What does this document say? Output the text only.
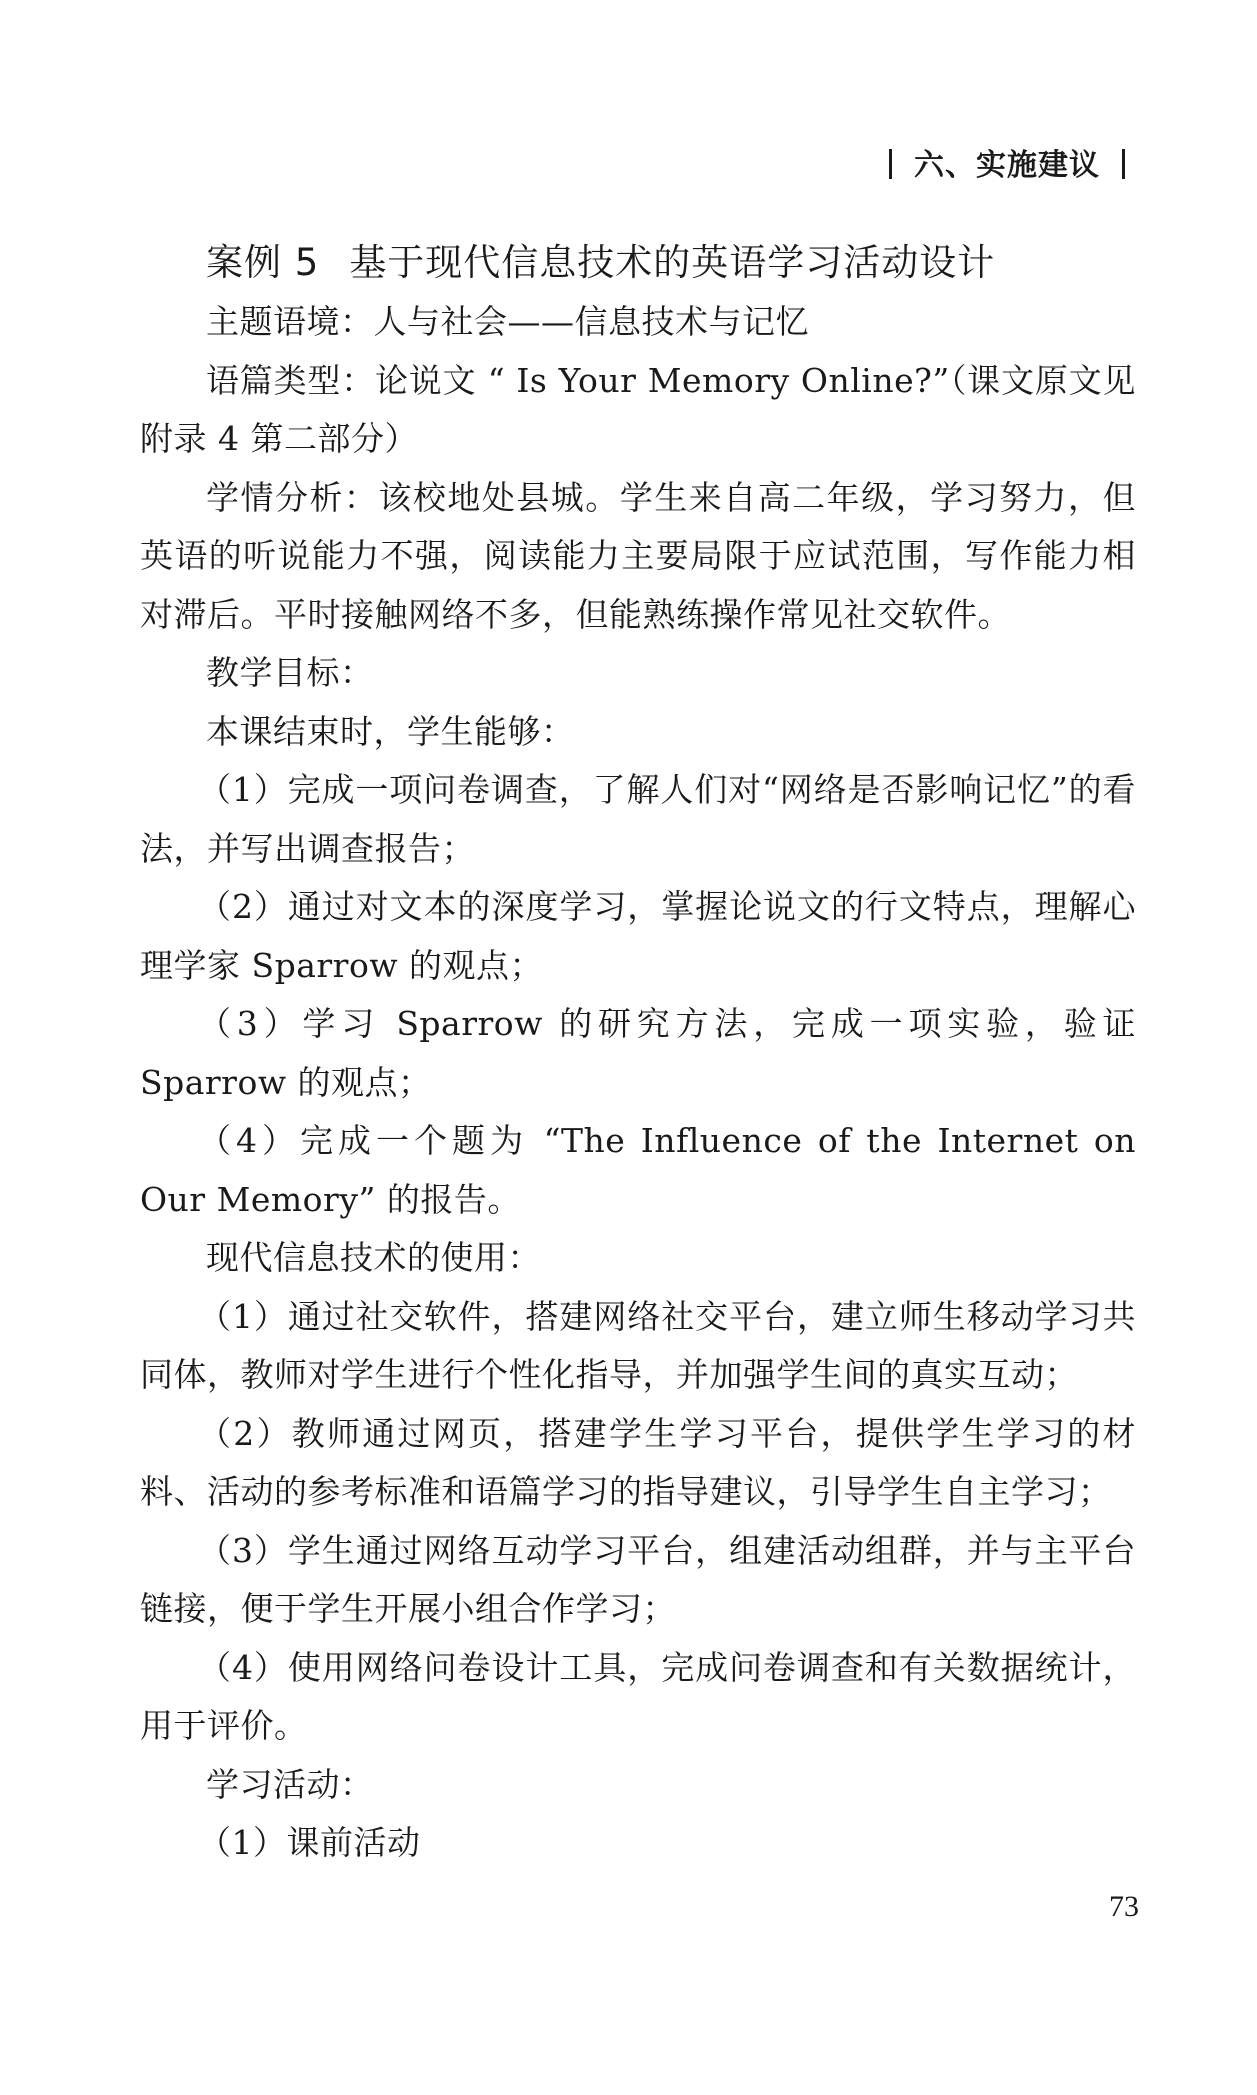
六、实施建议
案例 5 基于现代信息技术的英语学习活动设计

主题语境：人与社会——信息技术与记忆

语篇类型：论说文 “ Is Your Memory Online?”（课文原文见附录 4 第二部分）

学情分析：该校地处县城。学生来自高二年级，学习努力，但英语的听说能力不强，阅读能力主要局限于应试范围，写作能力相对滞后。平时接触网络不多，但能熟练操作常见社交软件。

教学目标：

本课结束时，学生能够：

（1）完成一项问卷调查，了解人们对“网络是否影响记忆”的看法，并写出调查报告；

（2）通过对文本的深度学习，掌握论说文的行文特点，理解心理学家 Sparrow 的观点；

（3）学习 Sparrow 的研究方法，完成一项实验，验证 Sparrow 的观点；

（4）完成一个题为 “The Influence of the Internet on Our Memory” 的报告。

现代信息技术的使用：

（1）通过社交软件，搭建网络社交平台，建立师生移动学习共同体，教师对学生进行个性化指导，并加强学生间的真实互动；

（2）教师通过网页，搭建学生学习平台，提供学生学习的材料、活动的参考标准和语篇学习的指导建议，引导学生自主学习；

（3）学生通过网络互动学习平台，组建活动组群，并与主平台链接，便于学生开展小组合作学习；

（4）使用网络问卷设计工具，完成问卷调查和有关数据统计，用于评价。

学习活动：

（1）课前活动

73
